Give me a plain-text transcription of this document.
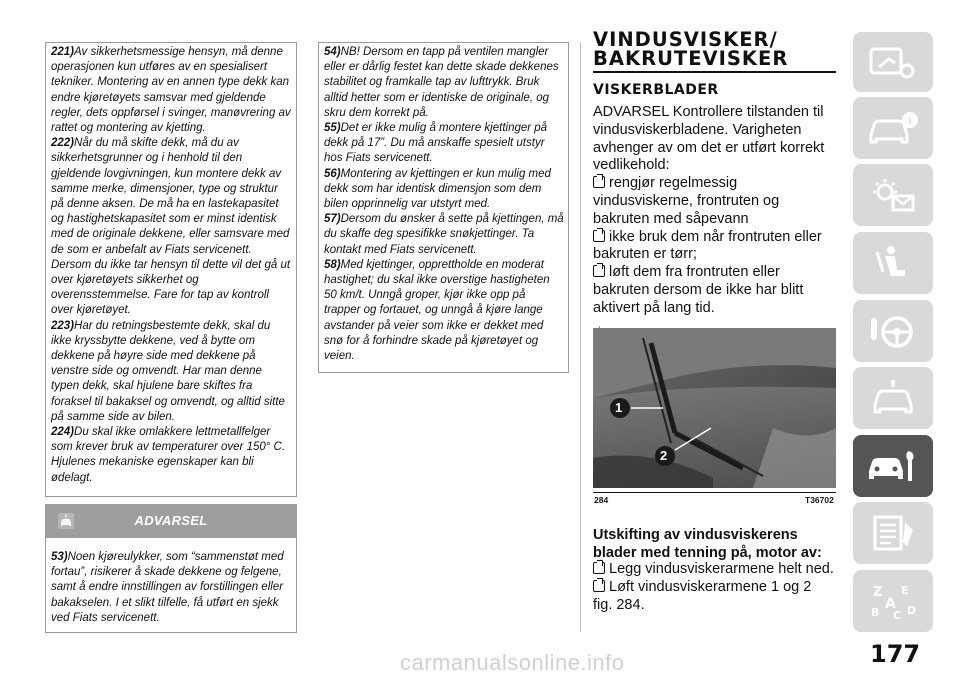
221)Av sikkerhetsmessige hensyn, må denne operasjonen kun utføres av en spesialisert tekniker. Montering av en annen type dekk kan endre kjøretøyets samsvar med gjeldende regler, dets oppførsel i svinger, manøvrering av rattet og montering av kjetting.

222)Når du må skifte dekk, må du av sikkerhetsgrunner og i henhold til den gjeldende lovgivningen, kun montere dekk av samme merke, dimensjoner, type og struktur på denne aksen. De må ha en lastekapasitet og hastighetskapasitet som er minst identisk med de originale dekkene, eller samsvare med de som er anbefalt av Fiats servicenett. Dersom du ikke tar hensyn til dette vil det gå ut over kjøretøyets sikkerhet og overensstemmelse. Fare for tap av kontroll over kjøretøyet.

223)Har du retningsbestemte dekk, skal du ikke kryssbytte dekkene, ved å bytte om dekkene på høyre side med dekkene på venstre side og omvendt. Har man denne typen dekk, skal hjulene bare skiftes fra foraksel til bakaksel og omvendt, og alltid sitte på samme side av bilen.

224)Du skal ikke omlakkere lettmetallfelger som krever bruk av temperaturer over 150° C. Hjulenes mekaniske egenskaper kan bli ødelagt.

ADVARSEL

53)Noen kjøreulykker, som “sammenstøt med fortau”, risikerer å skade dekkene og felgene, samt å endre innstillingen av forstillingen eller bakakselen. I et slikt tilfelle, få utført en sjekk ved Fiats servicenett.

54)NB! Dersom en tapp på ventilen mangler eller er dårlig festet kan dette skade dekkenes stabilitet og framkalle tap av lufttrykk. Bruk alltid hetter som er identiske de originale, og skru dem korrekt på.

55)Det er ikke mulig å montere kjettinger på dekk på 17”. Du må anskaffe spesielt utstyr hos Fiats servicenett.

56)Montering av kjettingen er kun mulig med dekk som har identisk dimensjon som dem bilen opprinnelig var utstyrt med.

57)Dersom du ønsker å sette på kjettingen, må du skaffe deg spesifikke snøkjettinger. Ta kontakt med Fiats servicenett.

58)Med kjettinger, opprettholde en moderat hastighet; du skal ikke overstige hastigheten 50 km/t. Unngå groper, kjør ikke opp på trapper og fortauet, og unngå å kjøre lange avstander på veier som ikke er dekket med snø for å forhindre skade på kjøretøyet og veien.

VINDUSVISKER/
BAKRUTEVISKER
VISKERBLADER

ADVARSEL Kontrollere tilstanden til vindusviskerbladene. Varigheten avhenger av om det er utført korrekt vedlikehold:

rengjør regelmessig vindusviskerne, frontruten og bakruten med såpevann

ikke bruk dem når frontruten eller bakruten er tørr;

løft dem fra frontruten eller bakruten dersom de ikke har blitt aktivert på lang tid.

1
2
284	T36702
Utskifting av vindusviskerens blader med tenning på, motor av:

Legg vindusviskerarmene helt ned.

Løft vindusviskerarmene 1 og 2

fig. 284.

i
Z E
A
B C D
177
carmanualsonline.info
